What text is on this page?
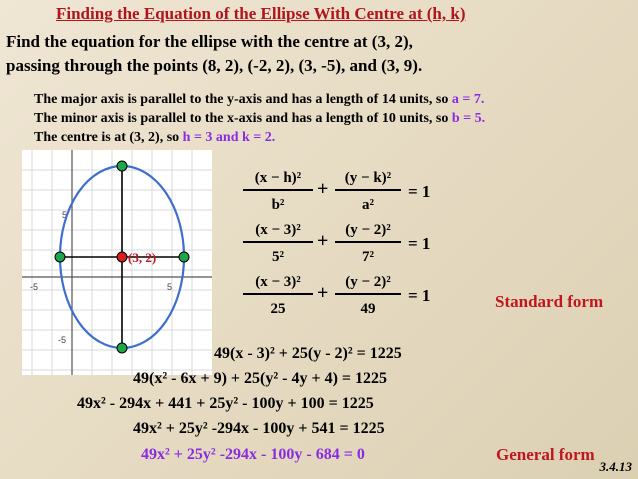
Finding the Equation of the Ellipse With Centre at (h, k)
Find the equation for the ellipse with the centre at (3, 2),
passing through the points (8, 2), (-2, 2), (3, -5), and (3, 9).
The major axis is parallel to the y-axis and has a length of 14 units, so a = 7.
The minor axis is parallel to the x-axis and has a length of 10 units, so b = 5.
The centre is at (3, 2), so h = 3 and k = 2.
-5	5
5
-5
(3, 2)
$\frac{\text{(x − h)²}}{\text{b²}} + \frac{\text{(y − k)²}}{\text{a²}} = 1$
$\frac{\text{(x − 3)²}}{\text{5²}} + \frac{\text{(y − 2)²}}{\text{7²}} = 1$
$\frac{\text{(x − 3)²}}{25} + \frac{\text{(y − 2)²}}{49} = 1$	Standard form
49(x - 3)² + 25(y - 2)² = 1225
49(x² - 6x + 9) + 25(y² - 4y + 4) = 1225
49x² - 294x + 441 + 25y² - 100y + 100 = 1225
49x² + 25y² -294x - 100y + 541 = 1225
49x² + 25y² -294x - 100y - 684 = 0	General form
3.4.13
